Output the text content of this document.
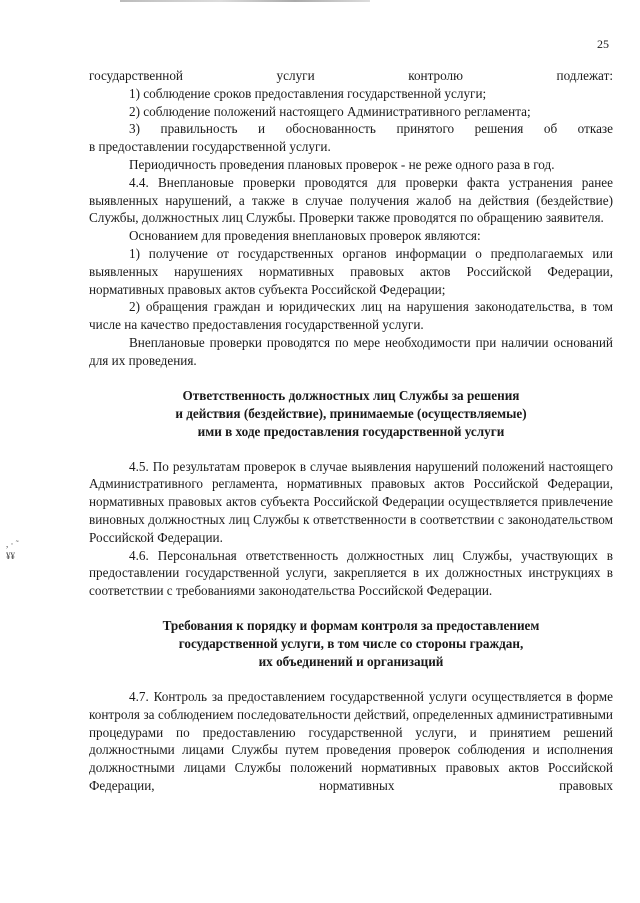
25
, · ̃
¥¥

государственной услуги контролю подлежат:

1) соблюдение сроков предоставления государственной услуги;

2) соблюдение положений настоящего Административного регламента;

3) правильность и обоснованность принятого решения об отказе

в предоставлении государственной услуги.

Периодичность проведения плановых проверок - не реже одного раза в год.

4.4. Внеплановые проверки проводятся для проверки факта устранения ранее выявленных нарушений, а также в случае получения жалоб на действия (бездействие) Службы, должностных лиц Службы. Проверки также проводятся по обращению заявителя.

Основанием для проведения внеплановых проверок являются:

1) получение от государственных органов информации о предполагаемых или выявленных нарушениях нормативных правовых актов Российской Федерации, нормативных правовых актов субъекта Российской Федерации;

2) обращения граждан и юридических лиц на нарушения законодательства, в том числе на качество предоставления государственной услуги.

Внеплановые проверки проводятся по мере необходимости при наличии оснований для их проведения.

Ответственность должностных лиц Службы за решения
и действия (бездействие), принимаемые (осуществляемые)
ими в ходе предоставления государственной услуги

4.5. По результатам проверок в случае выявления нарушений положений настоящего Административного регламента, нормативных правовых актов Российской Федерации, нормативных правовых актов субъекта Российской Федерации осуществляется привлечение виновных должностных лиц Службы к ответственности в соответствии с законодательством Российской Федерации.

4.6. Персональная ответственность должностных лиц Службы, участвующих в предоставлении государственной услуги, закрепляется в их должностных инструкциях в соответствии с требованиями законодательства Российской Федерации.

Требования к порядку и формам контроля за предоставлением
государственной услуги, в том числе со стороны граждан,
их объединений и организаций

4.7. Контроль за предоставлением государственной услуги осуществляется в форме контроля за соблюдением последовательности действий, определенных административными процедурами по предоставлению государственной услуги, и принятием решений должностными лицами Службы путем проведения проверок соблюдения и исполнения должностными лицами Службы положений нормативных правовых актов Российской Федерации, нормативных правовых
